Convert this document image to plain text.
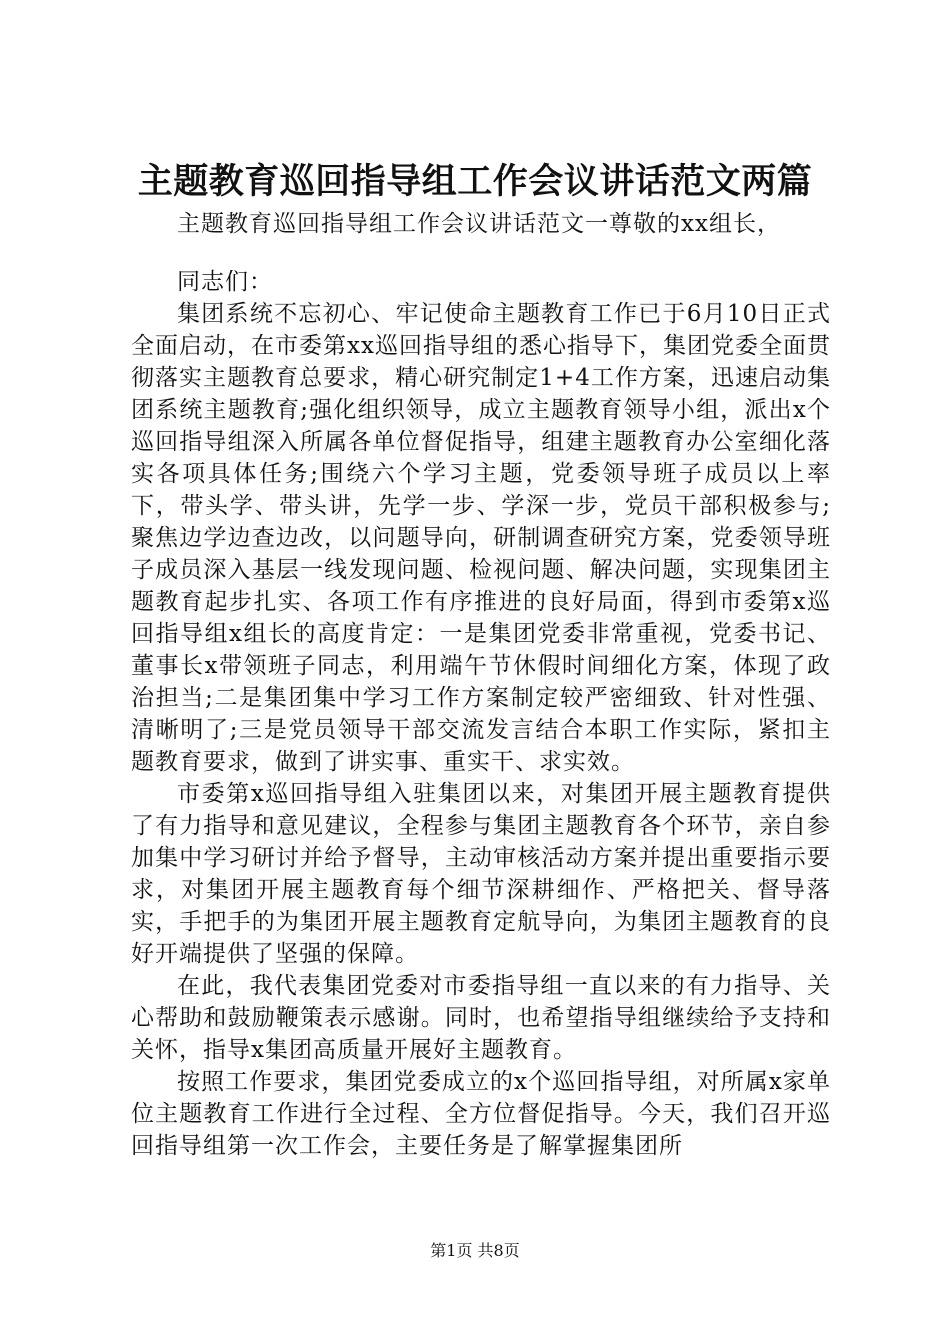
主题教育巡回指导组工作会议讲话范文两篇

主题教育巡回指导组工作会议讲话范文一尊敬的xx组长，

同志们：

集团系统不忘初心、牢记使命主题教育工作已于6月10日正式全面启动，在市委第xx巡回指导组的悉心指导下，集团党委全面贯彻落实主题教育总要求，精心研究制定1+4工作方案，迅速启动集团系统主题教育;强化组织领导，成立主题教育领导小组，派出x个巡回指导组深入所属各单位督促指导，组建主题教育办公室细化落实各项具体任务;围绕六个学习主题，党委领导班子成员以上率下，带头学、带头讲，先学一步、学深一步，党员干部积极参与;聚焦边学边查边改，以问题导向，研制调查研究方案，党委领导班子成员深入基层一线发现问题、检视问题、解决问题，实现集团主题教育起步扎实、各项工作有序推进的良好局面，得到市委第x巡回指导组x组长的高度肯定：一是集团党委非常重视，党委书记、董事长x带领班子同志，利用端午节休假时间细化方案，体现了政治担当;二是集团集中学习工作方案制定较严密细致、针对性强、清晰明了;三是党员领导干部交流发言结合本职工作实际，紧扣主题教育要求，做到了讲实事、重实干、求实效。

市委第x巡回指导组入驻集团以来，对集团开展主题教育提供了有力指导和意见建议，全程参与集团主题教育各个环节，亲自参加集中学习研讨并给予督导，主动审核活动方案并提出重要指示要求，对集团开展主题教育每个细节深耕细作、严格把关、督导落实，手把手的为集团开展主题教育定航导向，为集团主题教育的良好开端提供了坚强的保障。

在此，我代表集团党委对市委指导组一直以来的有力指导、关心帮助和鼓励鞭策表示感谢。同时，也希望指导组继续给予支持和关怀，指导x集团高质量开展好主题教育。

按照工作要求，集团党委成立的x个巡回指导组，对所属x家单位主题教育工作进行全过程、全方位督促指导。今天，我们召开巡回指导组第一次工作会，主要任务是了解掌握集团所

第1页 共8页
